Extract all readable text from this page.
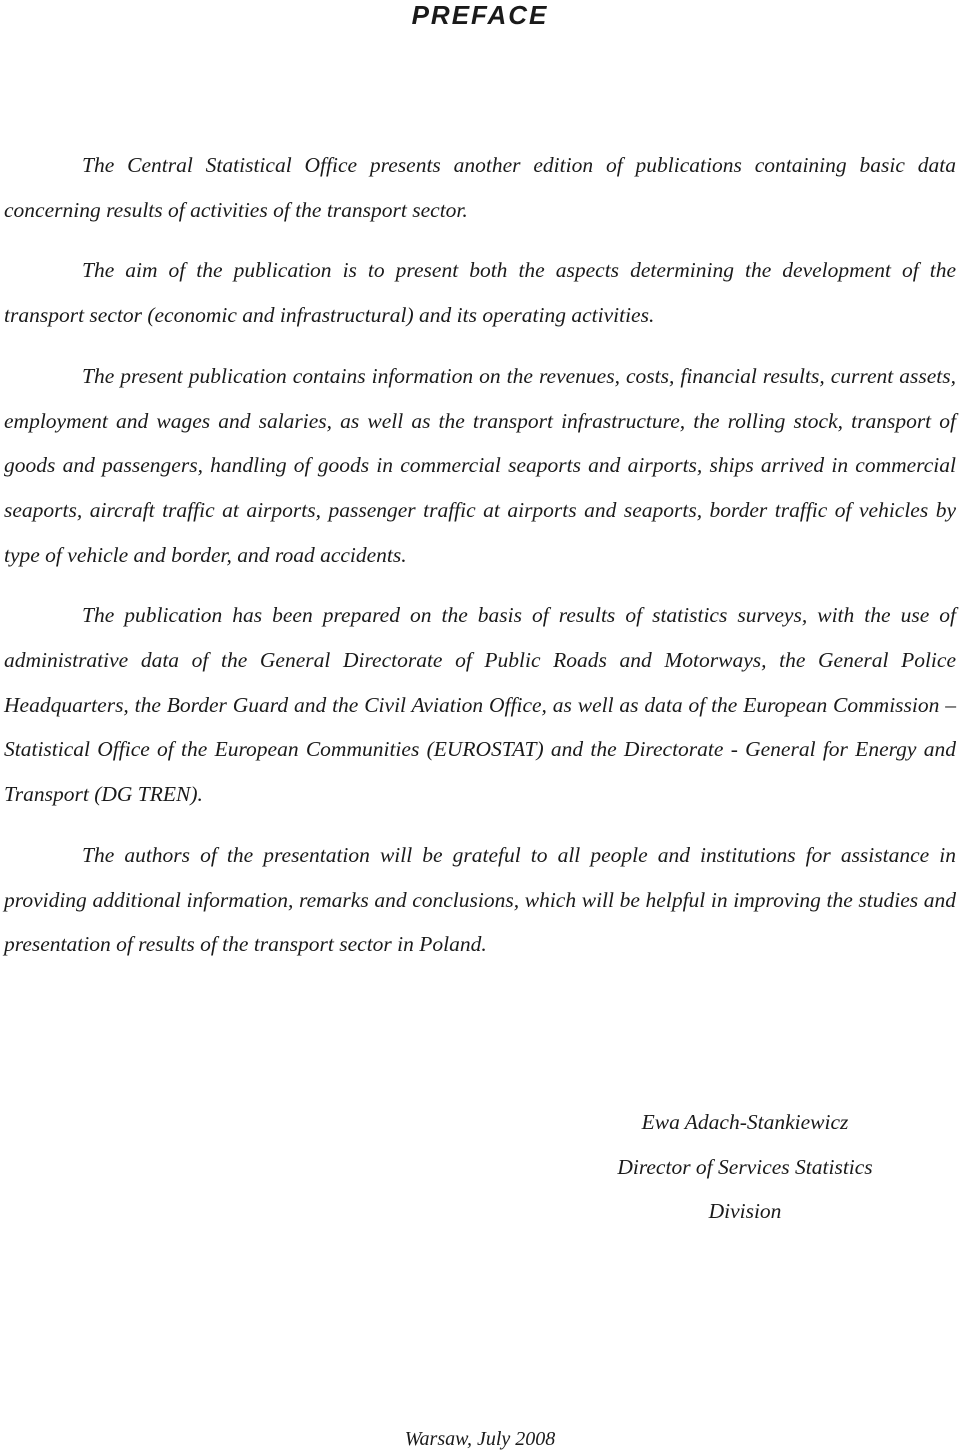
PREFACE

The Central Statistical Office presents another edition of publications containing basic data concerning results of activities of the transport sector.

The aim of the publication is to present both the aspects determining the development of the transport sector (economic and infrastructural) and its operating activities.

The present publication contains information on the revenues, costs, financial results, current assets, employment and wages and salaries, as well as the transport infrastructure, the rolling stock, transport of goods and passengers, handling of goods in commercial seaports and airports, ships arrived in commercial seaports, aircraft traffic at airports, passenger traffic at airports and seaports, border traffic of vehicles by type of vehicle and border, and road accidents.

The publication has been prepared on the basis of results of statistics surveys, with the use of administrative data of the General Directorate of Public Roads and Motorways, the General Police Headquarters, the Border Guard and the Civil Aviation Office, as well as data of the European Commission – Statistical Office of the European Communities (EUROSTAT) and the Directorate - General for Energy and Transport (DG TREN).

The authors of the presentation will be grateful to all people and institutions for assistance in providing additional information, remarks and conclusions, which will be helpful in improving the studies and presentation of results of the transport sector in Poland.

Ewa Adach-Stankiewicz
Director of Services Statistics
Division
Warsaw, July 2008
